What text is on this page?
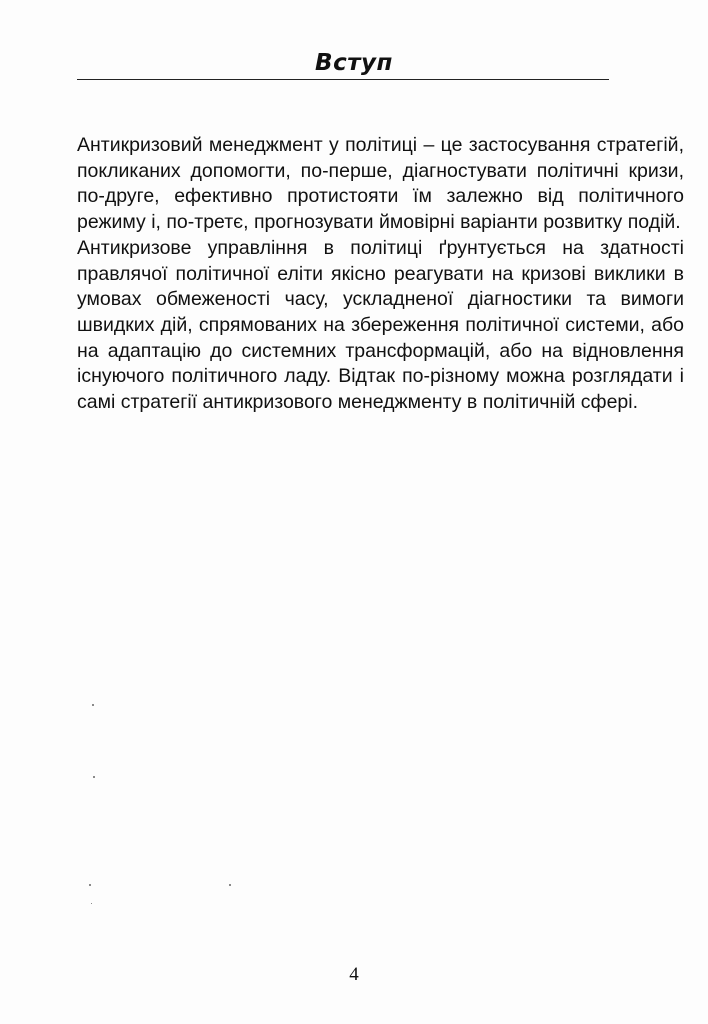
Вступ

Антикризовий менеджмент у політиці – це застосування стратегій, покликаних допомогти, по-перше, діагностувати політичні кризи, по-друге, ефективно протистояти їм залежно від політичного режиму і, по-третє, прогнозувати ймовірні варіанти розвитку подій.

Антикризове управління в політиці ґрунтується на здатності правлячої політичної еліти якісно реагувати на кризові виклики в умовах обмеженості часу, ускладненої діагностики та вимоги швидких дій, спрямованих на збереження політичної системи, або на адаптацію до системних трансформацій, або на відновлення існуючого політичного ладу. Відтак по-різному можна розглядати і самі стратегії антикризового менеджменту в політичній сфері.

4
